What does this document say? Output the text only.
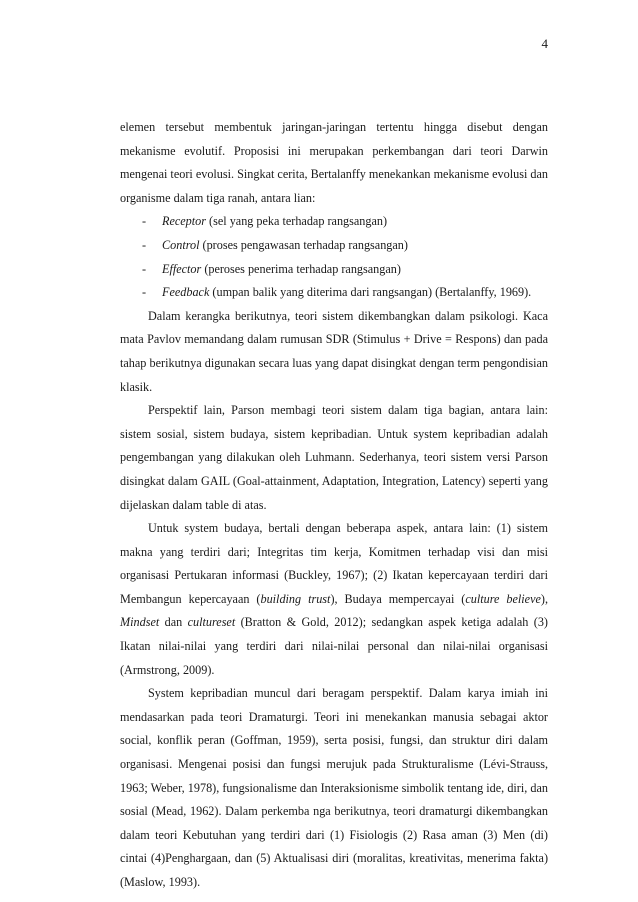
4

elemen tersebut membentuk jaringan-jaringan tertentu hingga disebut dengan mekanisme evolutif. Proposisi ini merupakan perkembangan dari teori Darwin mengenai teori evolusi. Singkat cerita, Bertalanffy menekankan mekanisme evolusi dan organisme dalam tiga ranah, antara lian:

- Receptor (sel yang peka terhadap rangsangan)
- Control (proses pengawasan terhadap rangsangan)
- Effector (peroses penerima terhadap rangsangan)
- Feedback (umpan balik yang diterima dari rangsangan) (Bertalanffy, 1969).

Dalam kerangka berikutnya, teori sistem dikembangkan dalam psikologi. Kaca mata Pavlov memandang dalam rumusan SDR (Stimulus + Drive = Respons) dan pada tahap berikutnya digunakan secara luas yang dapat disingkat dengan term pengondisian klasik.

Perspektif lain, Parson membagi teori sistem dalam tiga bagian, antara lain: sistem sosial, sistem budaya, sistem kepribadian. Untuk system kepribadian adalah pengembangan yang dilakukan oleh Luhmann. Sederhanya, teori sistem versi Parson disingkat dalam GAIL (Goal-attainment, Adaptation, Integration, Latency) seperti yang dijelaskan dalam table di atas.

Untuk system budaya, bertali dengan beberapa aspek, antara lain: (1) sistem makna yang terdiri dari; Integritas tim kerja, Komitmen terhadap visi dan misi organisasi Pertukaran informasi (Buckley, 1967); (2) Ikatan kepercayaan terdiri dari Membangun kepercayaan (building trust), Budaya mempercayai (culture believe), Mindset dan cultureset (Bratton & Gold, 2012); sedangkan aspek ketiga adalah (3) Ikatan nilai-nilai yang terdiri dari nilai-nilai personal dan nilai-nilai organisasi (Armstrong, 2009).

System kepribadian muncul dari beragam perspektif. Dalam karya imiah ini mendasarkan pada teori Dramaturgi. Teori ini menekankan manusia sebagai aktor social, konflik peran (Goffman, 1959), serta posisi, fungsi, dan struktur diri dalam organisasi. Mengenai posisi dan fungsi merujuk pada Strukturalisme (Lévi-Strauss, 1963; Weber, 1978), fungsionalisme dan Interaksionisme simbolik tentang ide, diri, dan sosial (Mead, 1962). Dalam perkemba nga berikutnya, teori dramaturgi dikembangkan dalam teori Kebutuhan yang terdiri dari (1) Fisiologis (2) Rasa aman (3) Men (di) cintai (4)Penghargaan, dan (5) Aktualisasi diri (moralitas, kreativitas, menerima fakta) (Maslow, 1993).
